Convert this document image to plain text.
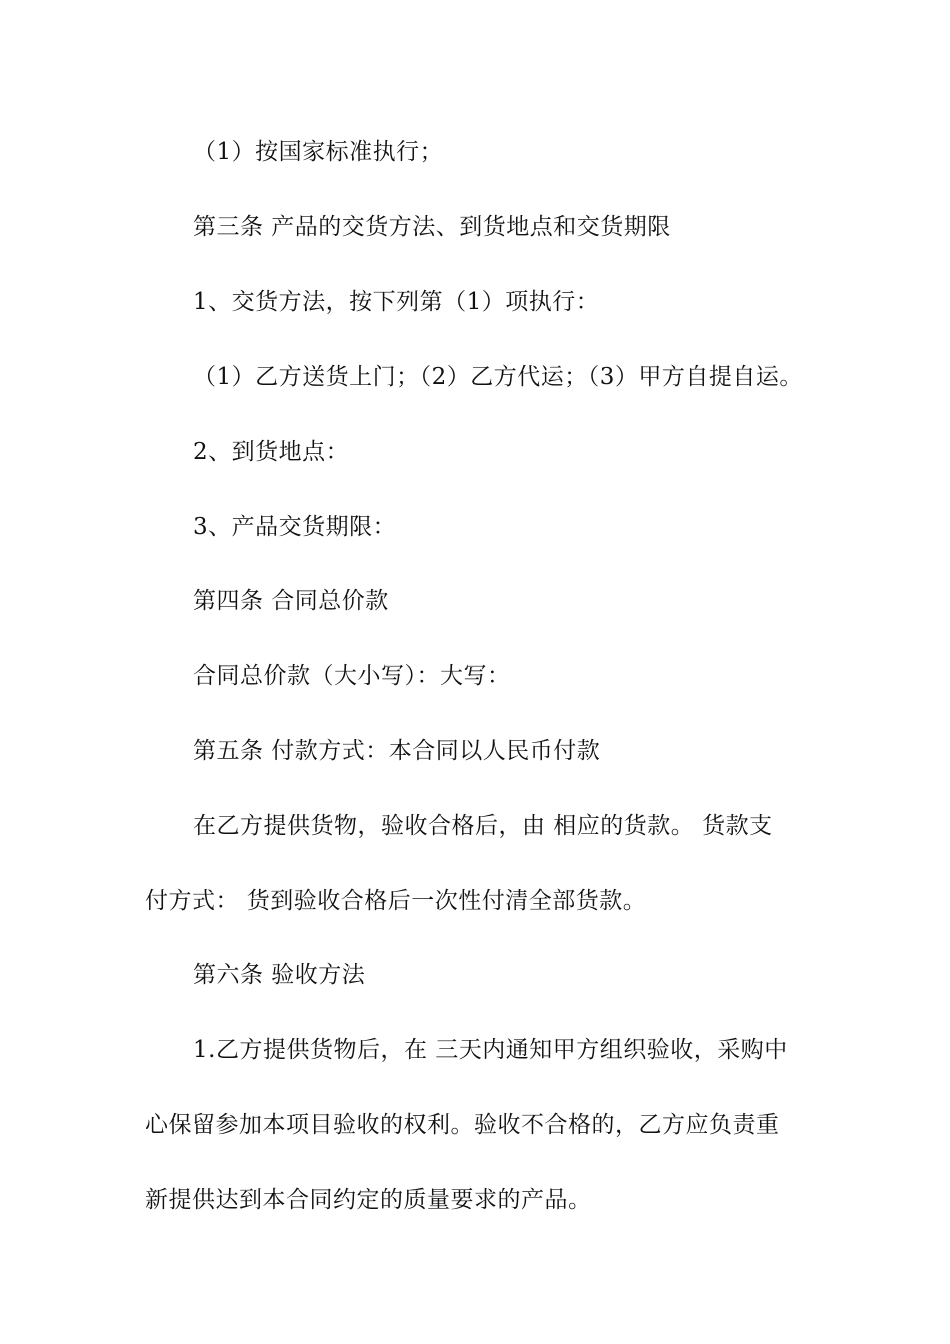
（1）按国家标准执行；
第三条 产品的交货方法、到货地点和交货期限
1、交货方法，按下列第（1）项执行：
（1）乙方送货上门；（2）乙方代运；（3）甲方自提自运。
2、到货地点：
3、产品交货期限：
第四条 合同总价款
合同总价款（大小写）：大写：
第五条 付款方式：本合同以人民币付款
在乙方提供货物，验收合格后，由 相应的货款。 货款支
付方式： 货到验收合格后一次性付清全部货款。
第六条 验收方法
1.乙方提供货物后，在 三天内通知甲方组织验收，采购中
心保留参加本项目验收的权利。验收不合格的，乙方应负责重
新提供达到本合同约定的质量要求的产品。
